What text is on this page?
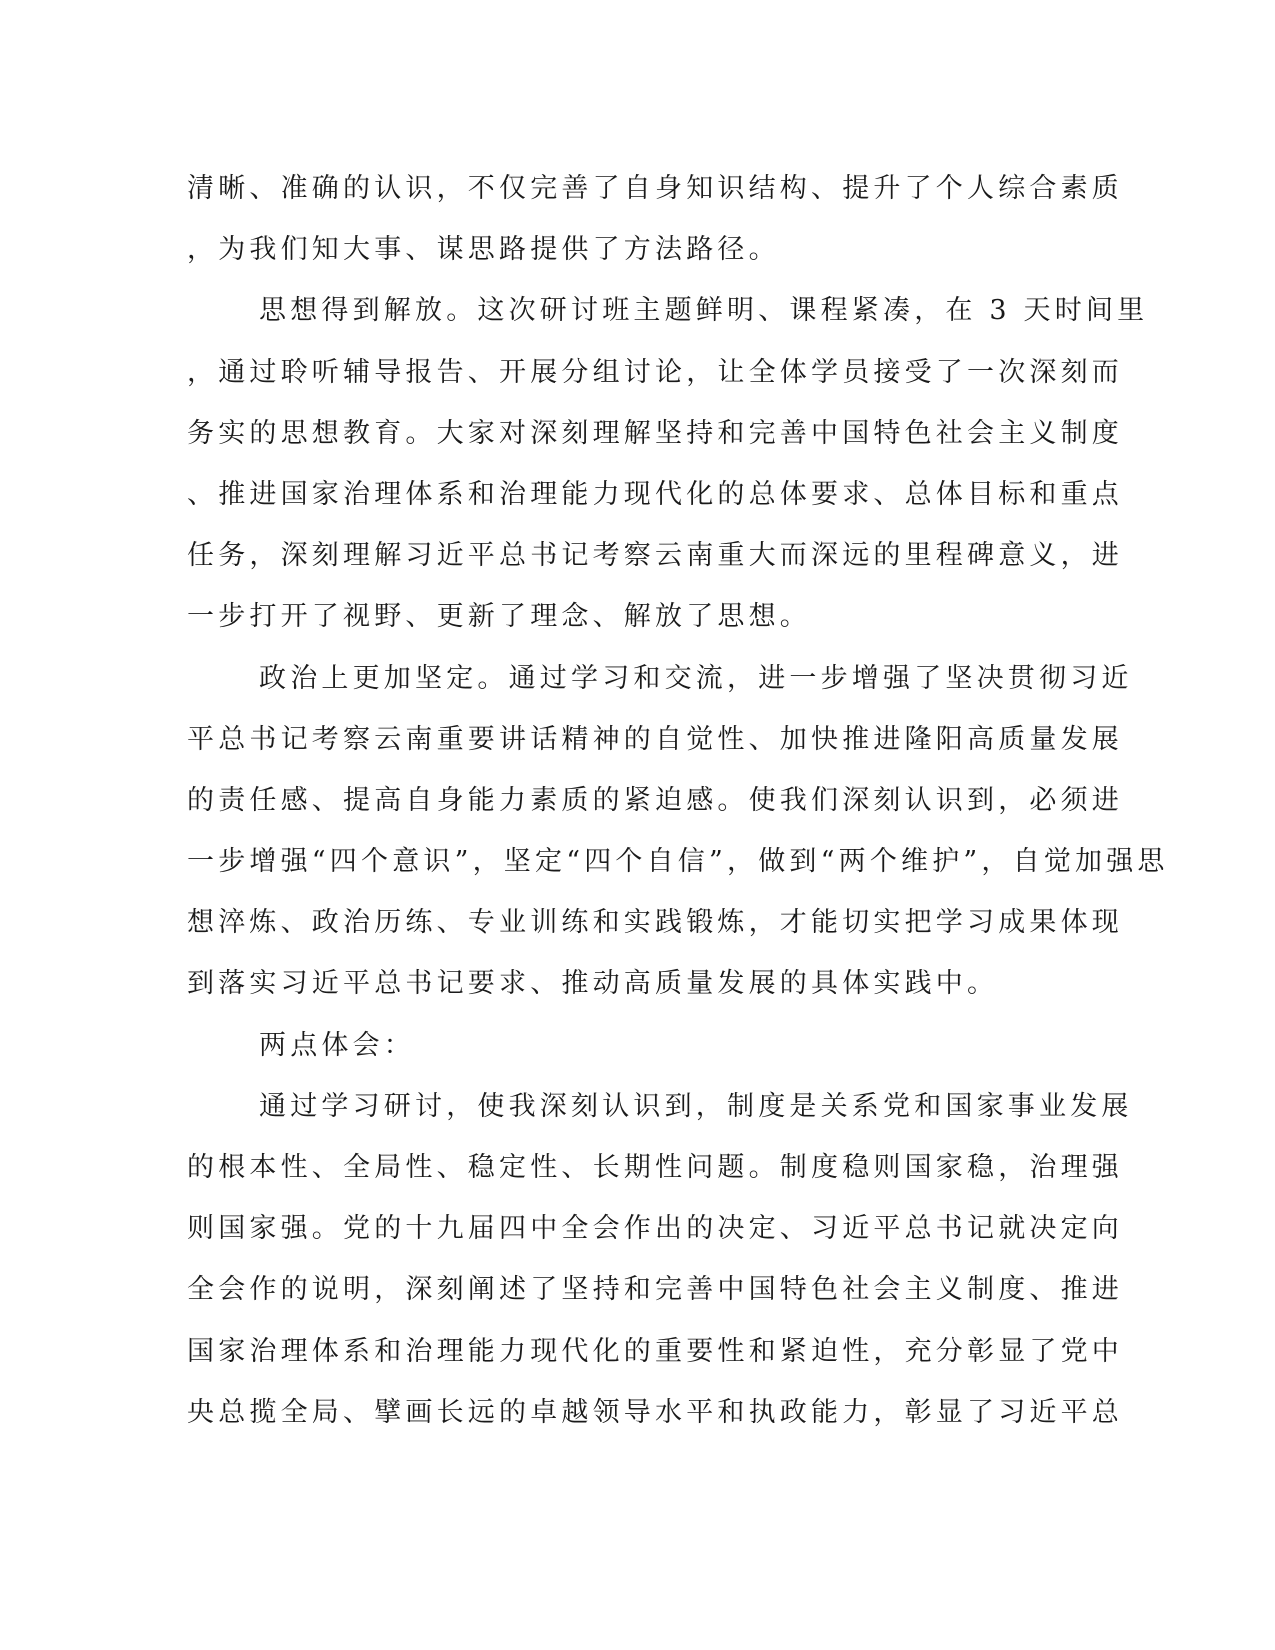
清晰、准确的认识，不仅完善了自身知识结构、提升了个人综合素质
，为我们知大事、谋思路提供了方法路径。
思想得到解放。这次研讨班主题鲜明、课程紧凑，在 3 天时间里
，通过聆听辅导报告、开展分组讨论，让全体学员接受了一次深刻而
务实的思想教育。大家对深刻理解坚持和完善中国特色社会主义制度
、推进国家治理体系和治理能力现代化的总体要求、总体目标和重点
任务，深刻理解习近平总书记考察云南重大而深远的里程碑意义，进
一步打开了视野、更新了理念、解放了思想。
政治上更加坚定。通过学习和交流，进一步增强了坚决贯彻习近
平总书记考察云南重要讲话精神的自觉性、加快推进隆阳高质量发展
的责任感、提高自身能力素质的紧迫感。使我们深刻认识到，必须进
一步增强“四个意识”，坚定“四个自信”，做到“两个维护”，自觉加强思
想淬炼、政治历练、专业训练和实践锻炼，才能切实把学习成果体现
到落实习近平总书记要求、推动高质量发展的具体实践中。
两点体会：
通过学习研讨，使我深刻认识到，制度是关系党和国家事业发展
的根本性、全局性、稳定性、长期性问题。制度稳则国家稳，治理强
则国家强。党的十九届四中全会作出的决定、习近平总书记就决定向
全会作的说明，深刻阐述了坚持和完善中国特色社会主义制度、推进
国家治理体系和治理能力现代化的重要性和紧迫性，充分彰显了党中
央总揽全局、擘画长远的卓越领导水平和执政能力，彰显了习近平总
